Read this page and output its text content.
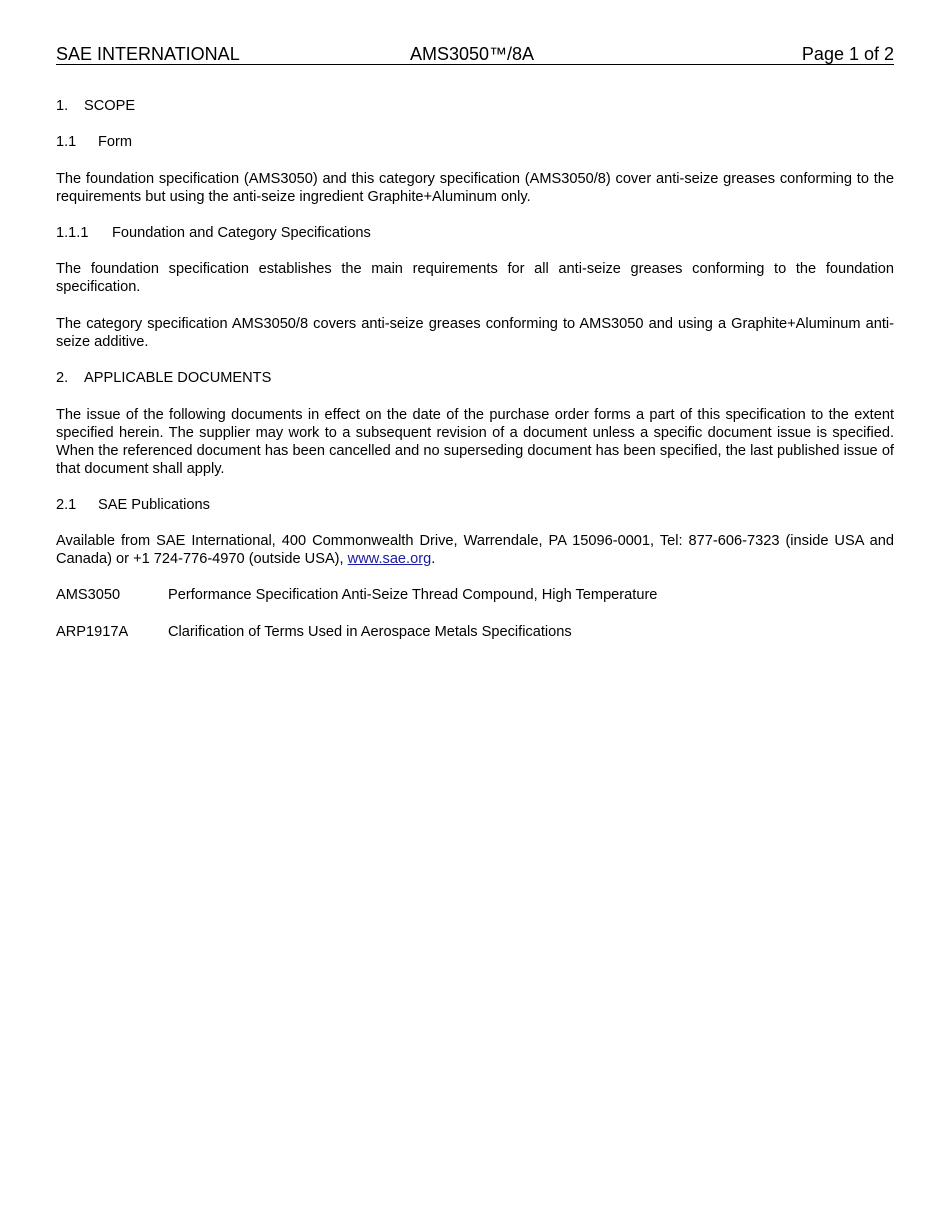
SAE INTERNATIONAL	AMS3050™/8A	Page 1 of 2
1. SCOPE
1.1 Form
The foundation specification (AMS3050) and this category specification (AMS3050/8) cover anti-seize greases conforming to the requirements but using the anti-seize ingredient Graphite+Aluminum only.
1.1.1 Foundation and Category Specifications
The foundation specification establishes the main requirements for all anti-seize greases conforming to the foundation specification.
The category specification AMS3050/8 covers anti-seize greases conforming to AMS3050 and using a Graphite+Aluminum anti-seize additive.
2. APPLICABLE DOCUMENTS
The issue of the following documents in effect on the date of the purchase order forms a part of this specification to the extent specified herein. The supplier may work to a subsequent revision of a document unless a specific document issue is specified. When the referenced document has been cancelled and no superseding document has been specified, the last published issue of that document shall apply.
2.1 SAE Publications
Available from SAE International, 400 Commonwealth Drive, Warrendale, PA 15096-0001, Tel: 877-606-7323 (inside USA and Canada) or +1 724-776-4970 (outside USA), www.sae.org.
AMS3050	Performance Specification Anti-Seize Thread Compound, High Temperature
ARP1917A	Clarification of Terms Used in Aerospace Metals Specifications
